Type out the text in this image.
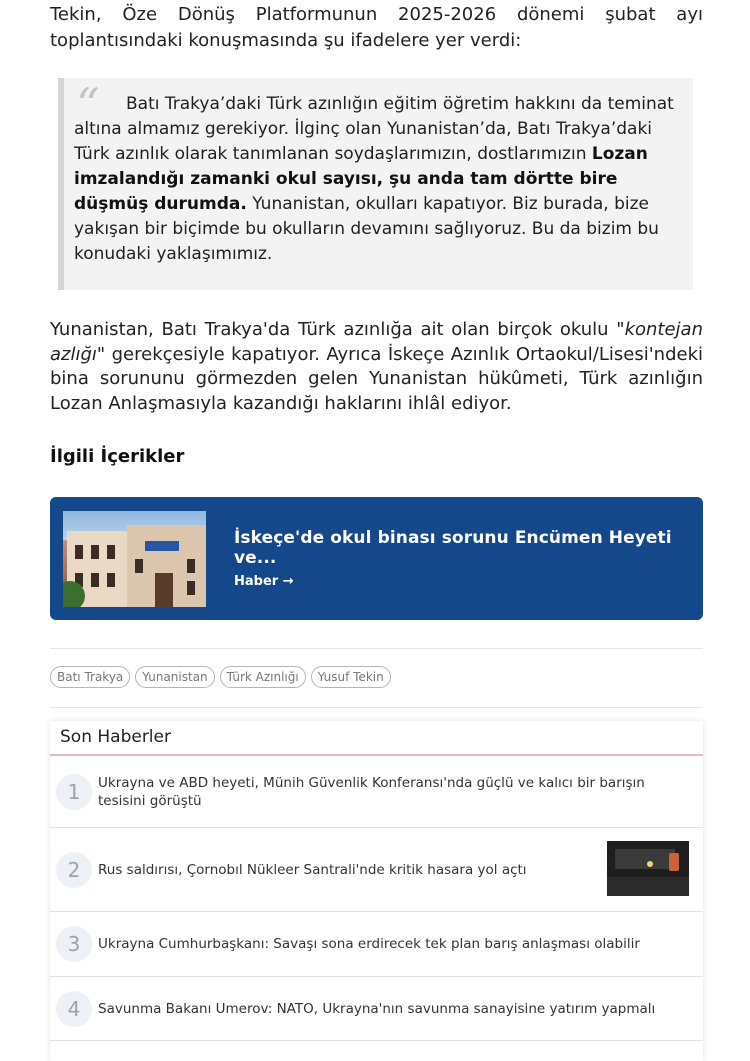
Tekin, Öze Dönüş Platformunun 2025-2026 dönemi şubat ayı toplantısındaki konuşmasında şu ifadelere yer verdi:

“	Batı Trakya’daki Türk azınlığın eğitim öğretim hakkını da teminat altına almamız gerekiyor. İlginç olan Yunanistan’da, Batı Trakya’daki Türk azınlık olarak tanımlanan soydaşlarımızın, dostlarımızın Lozan imzalandığı zamanki okul sayısı, şu anda tam dörtte bire düşmüş durumda. Yunanistan, okulları kapatıyor. Biz burada, bize yakışan bir biçimde bu okulların devamını sağlıyoruz. Bu da bizim bu konudaki yaklaşımımız.

Yunanistan, Batı Trakya'da Türk azınlığa ait olan birçok okulu "kontejan azlığı" gerekçesiyle kapatıyor. Ayrıca İskeçe Azınlık Ortaokul/Lisesi'ndeki bina sorununu görmezden gelen Yunanistan hükûmeti, Türk azınlığın Lozan Anlaşmasıyla kazandığı haklarını ihlâl ediyor.

İlgili İçerikler
İskeçe'de okul binası sorunu Encümen Heyeti ve...
Haber →
Batı Trakya	Yunanistan	Türk Azınlığı	Yusuf Tekin
Son Haberler
1	Ukrayna ve ABD heyeti, Münih Güvenlik Konferansı'nda güçlü ve kalıcı bir barışın tesisini görüştü
2	Rus saldırısı, Çornobıl Nükleer Santrali'nde kritik hasara yol açtı
3	Ukrayna Cumhurbaşkanı: Savaşı sona erdirecek tek plan barış anlaşması olabilir
4	Savunma Bakanı Umerov: NATO, Ukrayna'nın savunma sanayisine yatırım yapmalı
